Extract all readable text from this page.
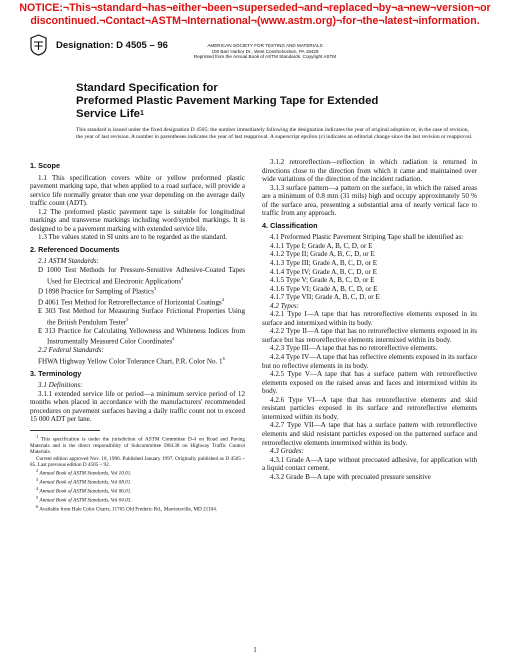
NOTICE:¬This¬standard¬has¬either¬been¬superseded¬and¬replaced¬by¬a¬new¬version¬or
discontinued.¬Contact¬ASTM¬International¬(www.astm.org)¬for¬the¬latest¬information.
Designation: D 4505 – 96	AMERICAN SOCIETY FOR TESTING AND MATERIALS
100 Barr Harbor Dr., West Conshohocken, PA 19428
Reprinted from the Annual Book of ASTM Standards. Copyright ASTM
Standard Specification for
Preformed Plastic Pavement Marking Tape for Extended
Service Life$^1$
This standard is issued under the fixed designation D 4505; the number immediately following the designation indicates the year of original adoption or, in the case of revision, the year of last revision. A number in parentheses indicates the year of last reapproval. A superscript epsilon (ε) indicates an editorial change since the last revision or reapproval.
1. Scope

1.1 This specification covers white or yellow preformed plastic pavement marking tape, that when applied to a road surface, will provide a service life normally greater than one year depending on the average daily traffic count (ADT).

1.2 The preformed plastic pavement tape is suitable for longitudinal markings and transverse markings including word/symbol markings. It is designed to be a pavement marking with extended service life.

1.3 The values stated in SI units are to be regarded as the standard.

2. Referenced Documents

2.1 ASTM Standards:

D 1000 Test Methods for Pressure-Sensitive Adhesive-Coated Tapes Used for Electrical and Electronic Applications$^2$

D 1898 Practice for Sampling of Plastics$^3$

D 4061 Test Method for Retroreflectance of Horizontal Coatings$^4$

E 303 Test Method for Measuring Surface Frictional Properties Using the British Pendulum Tester$^5$

E 313 Practice for Calculating Yellowness and Whiteness Indices from Instrumentally Measured Color Coordinates$^4$

2.2 Federal Standards:

FHWA Highway Yellow Color Tolerance Chart, P.R. Color No. $1^6$

3. Terminology

3.1 Definitions:

3.1.1 extended service life or period—a minimum service period of 12 months when placed in accordance with the manufacturers' recommended procedures on pavement surfaces having a daily traffic count not to exceed 15 000 ADT per lane.

$^1$ This specification is under the jurisdiction of ASTM Committee D-4 on Road and Paving Materials and is the direct responsibility of Subcommittee D04.38 on Highway Traffic Control Materials.

Current edition approved Nov. 10, 1996. Published January 1997. Originally published as D 4505 – 85. Last previous edition D 4505 – 92.

$^2$ Annual Book of ASTM Standards, Vol 10.01.

$^3$ Annual Book of ASTM Standards, Vol 08.01.

$^4$ Annual Book of ASTM Standards, Vol 06.01.

$^5$ Annual Book of ASTM Standards, Vol 04.03.

$^6$ Available from Hale Color Charts, 11765 Old Frederic Rd., Marriotsville, MD 21104.

3.1.2 retroreflection—reflection in which radiation is returned in directions close to the direction from which it came and maintained over wide variations of the direction of the incident radiation.

3.1.3 surface pattern—a pattern on the surface, in which the raised areas are a minimum of 0.8 mm (31 mils) high and occupy approximately 50 % of the surface area, presenting a substantial area of nearly vertical face to traffic from any approach.

4. Classification

4.1 Preformed Plastic Pavement Striping Tape shall be identified as:

4.1.1 Type I; Grade A, B, C, D, or E

4.1.2 Type II; Grade A, B, C, D, or E

4.1.3 Type III; Grade A, B, C, D, or E

4.1.4 Type IV; Grade A, B, C, D, or E

4.1.5 Type V; Grade A, B, C, D, or E

4.1.6 Type VI; Grade A, B, C, D, or E

4.1.7 Type VII; Grade A, B, C, D, or E

4.2 Types:

4.2.1 Type I—A tape that has retroreflective elements exposed in its surface and intermixed within its body.

4.2.2 Type II—A tape that has no retroreflective elements exposed in its surface but has retroreflective elements intermixed within its body.

4.2.3 Type III—A tape that has no retroreflective elements.

4.2.4 Type IV—A tape that has reflective elements exposed in its surface but no reflective elements in its body.

4.2.5 Type V—A tape that has a surface pattern with retroreflective elements exposed on the raised areas and faces and intermixed within its body.

4.2.6 Type VI—A tape that has retroreflective elements and skid resistant particles exposed in its surface and retroreflective elements intermixed within its body.

4.2.7 Type VII—A tape that has a surface pattern with retroreflective elements and skid resistant particles exposed on the patterned surface and retroreflective elements intermixed within its body.

4.3 Grades:

4.3.1 Grade A—A tape without precoated adhesive, for application with a liquid contact cement.

4.3.2 Grade B—A tape with precoated pressure sensitive

1
